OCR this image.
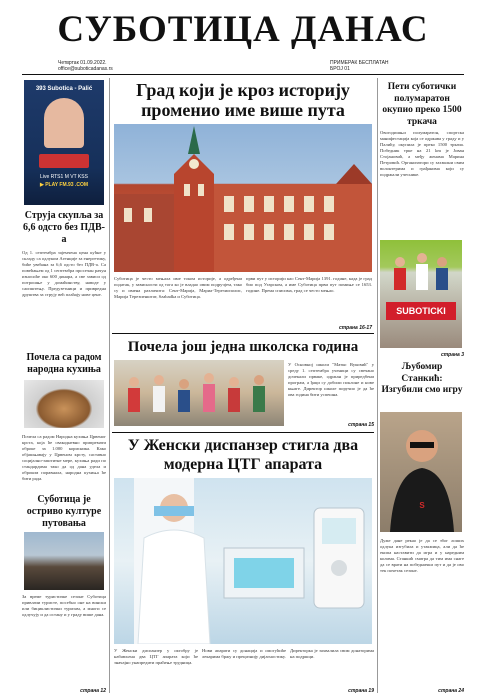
СУБОТИЦА ДАНАС
Четвртак 01.09.2022.
office@suboticadanas.rs
ПРИМЕРАК БЕСПЛАТАН
БРОЈ 01
393 Subotica - Palić
Live RTS1 M VT KSS
▶ PLAY FM.93 .COM
Струја скупља за 6,6 одсто без ПДВ-а
Од 1. септембра зајемчена цена кућне у складу са одлуком Агенције за енергетику, биће увећана за 6,6 одсто без ПДВ-а. Са повећањем од 1 септембра просечан рачун износиће око 600 динара, а све зависи од потрошње у домаћинству, наводе у саопштењу. Предузетници и привредна друштва за струју већ плаћају нове цене.
Почела са радом народна кухиња
Почела са радом Народна кухиња Црвеног крста, која ће свакодневно припремати оброке за 1.000 корисника. Како објашњавају у Црвеном крсту, саставно социјално-заштитне мере, кухиња ради по стандардима тако да од дана удела и оброком поравнала, народна кухиња ће бити рада.
Суботица је остриво културе путовања
За време туристичке сезоне Суботица привлачи туристе, посебно оне на вински или бициклистички туризам, а многи се одлучују и да остану и у граду више дана.
страна 12
Град који је кроз историју променио име више пута
Суботица је често мењала име током историје, а одређени податак, у зависности од тога ко је владао овим подручјем, тако су и имена различита: Сент-Марија, Мариа-Терезиополис, Марија Терезиенштат, Szabadka и Суботица.
први пут у историји као Сент-Марија 1391. године, када је град био под Угарском, а име Суботица први пут помиње се 1653. године. Према списима, град се често мењао.
страна 16-17
Почела још једна школска година
У Основној школи "Матко Вуковић" у среду 1. септембра ученици су свечано дочекали прваке, одржан је приредбени програм, а ђаци су добили поклоне и нове књиге. Директор школе поручио је да ће ова година бити успешна.
страна 15
У Женски диспанзер стигла два модерна ЦТГ апарата
У Женски диспанзер у октобру је набављена два ЦТГ апарата који ће значајно унапредити праћење трудница.
Нови апарати су донација и омогућиће лекарима бржу и прецизнију дијагностику.
Директорка је захвалила свим донаторима на подршци.
страна 19
Пети суботички полумаратон окупио преко 1500 тркача
Овогодишњи полумаратон, спортска манифестација која се одржава у граду и у Палићу, окупила је преко 1500 тркача. Победник трке на 21 km је Јован Стојановић, а међу женама Марина Петровић. Организатори су захвални свим волонтерима и грађанима који су подржали учеснике.
SUBOTICKI
страна 3
Љубомир Станкић: Изгубили смо игру
S
Дуже дане рекао је да се због лоших одлука изгубила и утакмица, али да ће екипа наставити да игра и у наредним колима. Станкић сматра да тим има снаге да се врати на победнички пут и да је ово тек почетак сезоне.
страна 24
